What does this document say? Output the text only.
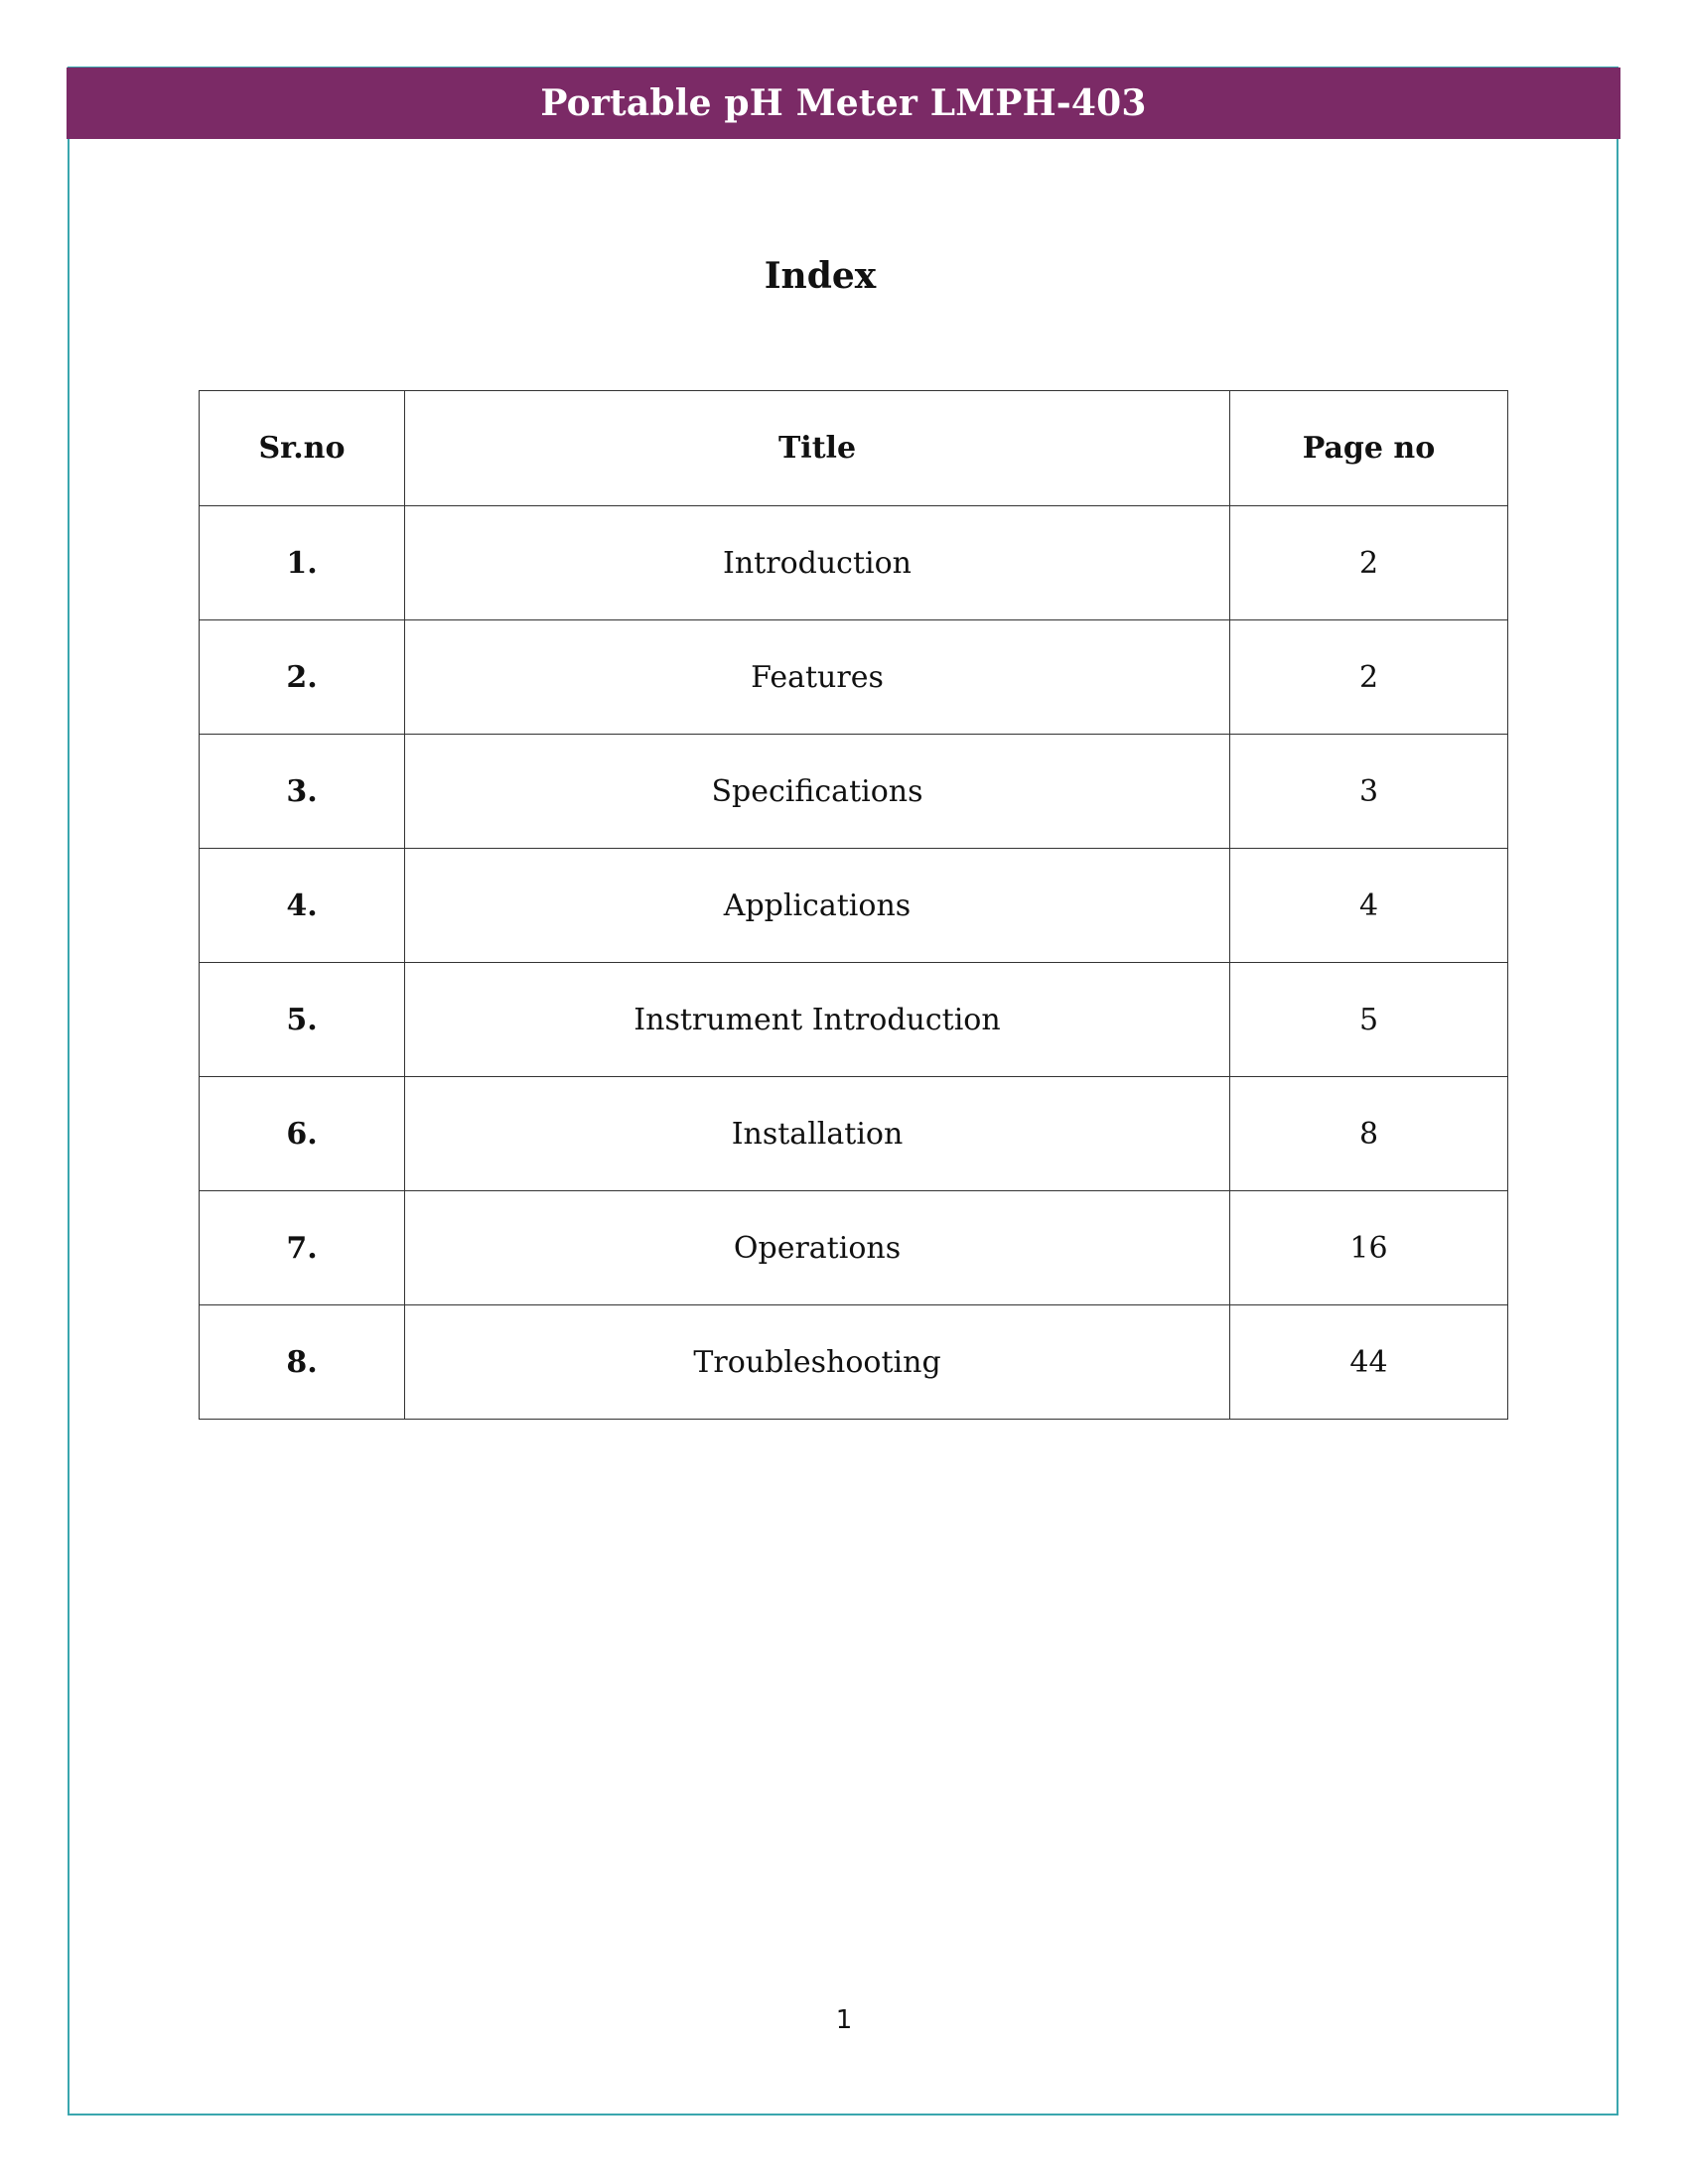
Portable pH Meter LMPH-403
Index
Sr.no	Title	Page no
1.	Introduction	2
2.	Features	2
3.	Specifications	3
4.	Applications	4
5.	Instrument Introduction	5
6.	Installation	8
7.	Operations	16
8.	Troubleshooting	44
1
